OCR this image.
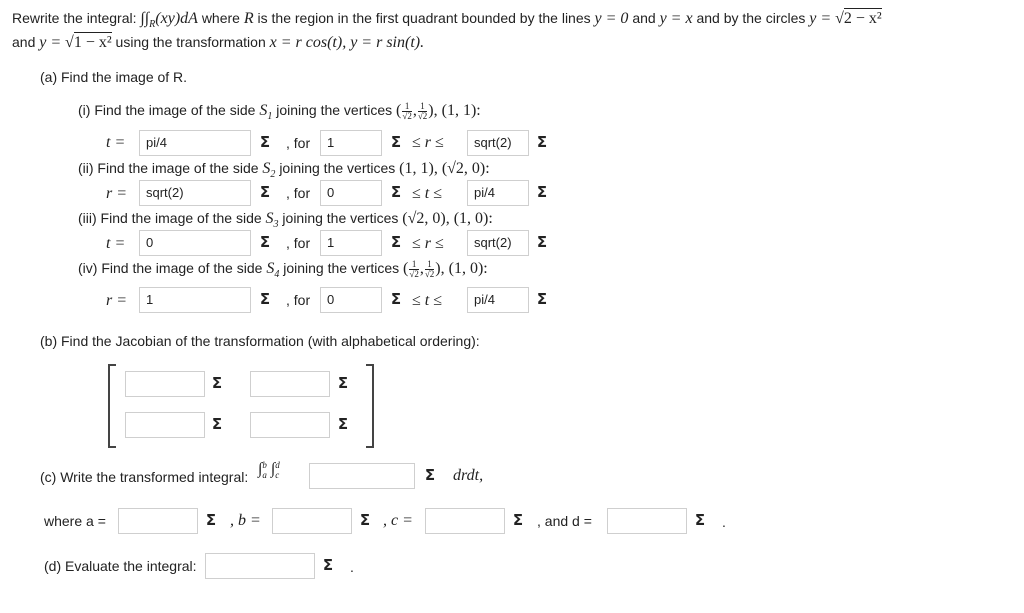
Rewrite the integral: $\int\int_R(xy)dA$ where R is the region in the first quadrant bounded by the lines y = 0 and y = x and by the circles y = √2 − x²
and y = √1 − x² using the transformation x = r cos(t), y = r sin(t).
(a) Find the image of R.
(i) Find the image of the side $S_1$ joining the vertices ( $\frac{1}{√2}$ , $\frac{1}{√2}$ ), (1, 1):
t =	pi/4	Σ	, for	1	Σ ≤ r ≤	sqrt(2)	Σ
(ii) Find the image of the side $S_2$ joining the vertices (1, 1), (√2, 0):
r =	sqrt(2)	Σ	, for	0	Σ ≤ t ≤	pi/4	Σ
(iii) Find the image of the side $S_3$ joining the vertices (√2, 0), (1, 0):
t =	0	Σ	, for	1	Σ ≤ r ≤	sqrt(2)	Σ
(iv) Find the image of the side $S_4$ joining the vertices ( $\frac{1}{√2}$ , $\frac{1}{√2}$ ), (1, 0):
r =	1	Σ	, for	0	Σ ≤ t ≤	pi/4	Σ
(b) Find the Jacobian of the transformation (with alphabetical ordering):
Σ	Σ
Σ	Σ
(c) Write the transformed integral: ∫ b
a ∫ d
c	Σ	drdt,
where a =	Σ , b =	Σ , c =	Σ , and d =	Σ	.
(d) Evaluate the integral:	Σ	.
